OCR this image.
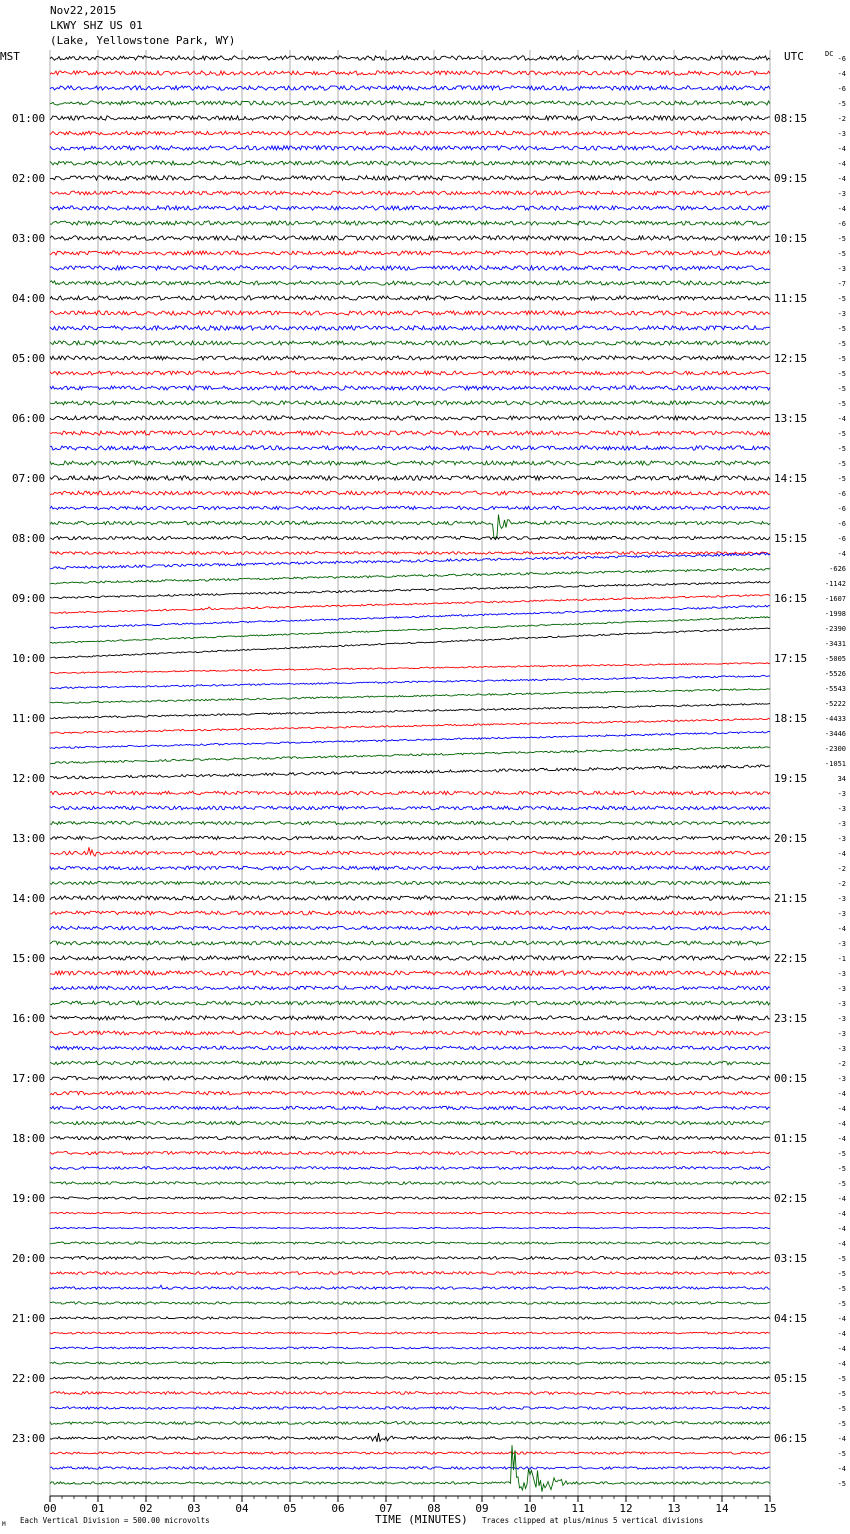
Nov22,2015
LKWY SHZ US 01
(Lake, Yellowstone Park, WY)
MST	UTC	DC
01:00
02:00
03:00
04:00
05:00
06:00
07:00
08:00
09:00
10:00
11:00
12:00
13:00
14:00
15:00
16:00
17:00
18:00
19:00
20:00
21:00
22:00
23:00
08:15
09:15
10:15
11:15
12:15
13:15
14:15
15:15
16:15
17:15
18:15
19:15
20:15
21:15
22:15
23:15
00:15
01:15
02:15
03:15
04:15
05:15
06:15
-6
-4
-6
-5
-2
-3
-4
-4
-4
-3
-4
-6
-5
-5
-3
-7
-5
-3
-5
-5
-5
-5
-5
-5
-4
-5
-5
-5
-5
-6
-6
-6
-6
-4
-626
-1142
-1607
-1998
-2390
-3431
-5005
-5526
-5543
-5222
-4433
-3446
-2300
-1051
34
-3
-3
-3
-3
-4
-2
-2
-3
-3
-4
-3
-1
-3
-3
-3
-3
-3
-3
-2
-3
-4
-4
-4
-4
-5
-5
-5
-4
-4
-4
-4
-5
-5
-5
-5
-4
-4
-4
-4
-5
-5
-5
-5
-4
-5
-4
-5
00	01	02	03	04	05	06	07	08	09	10	11	12	13	14	15
TIME (MINUTES)
M Each Vertical Division = 500.00 microvolts	Traces clipped at plus/minus 5 vertical divisions
